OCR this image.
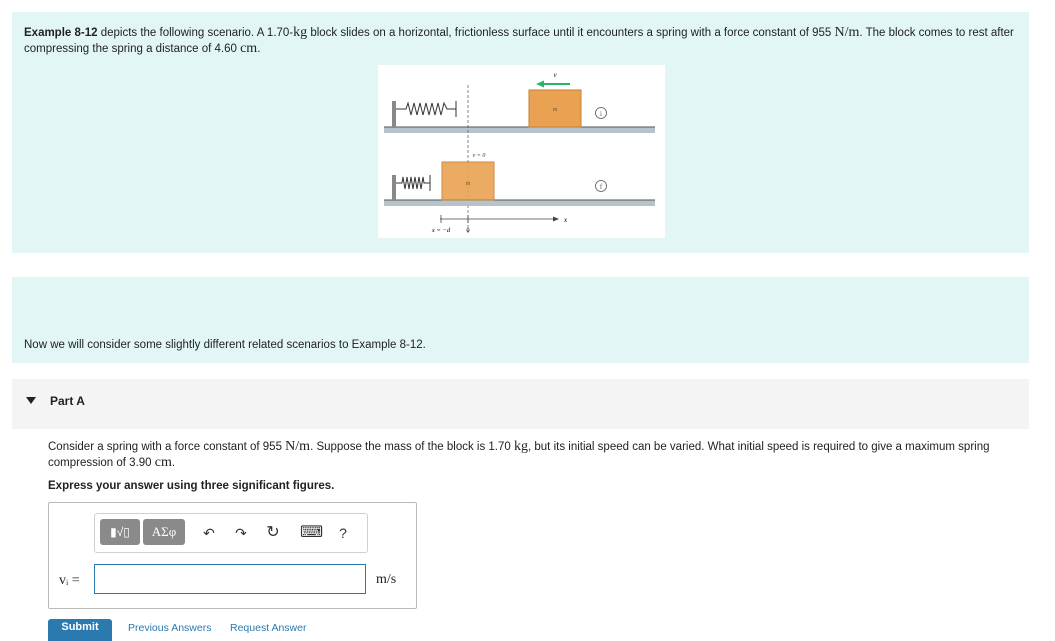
Example 8-12 depicts the following scenario. A 1.70-kg block slides on a horizontal, frictionless surface until it encounters a spring with a force constant of 955 N/m. The block comes to rest after compressing the spring a distance of 4.60 cm.
m
v
i
m
v = 0
f
x
x = −d	0

Now we will consider some slightly different related scenarios to Example 8-12.

Part A
Consider a spring with a force constant of 955 N/m. Suppose the mass of the block is 1.70 kg, but its initial speed can be varied. What initial speed is required to give a maximum spring compression of 3.90 cm.
Express your answer using three significant figures.
▮√▯	ΑΣφ	↶ ↷ ↻ ⌨	?
vᵢ =	m/s
Submit	Previous Answers Request Answer
